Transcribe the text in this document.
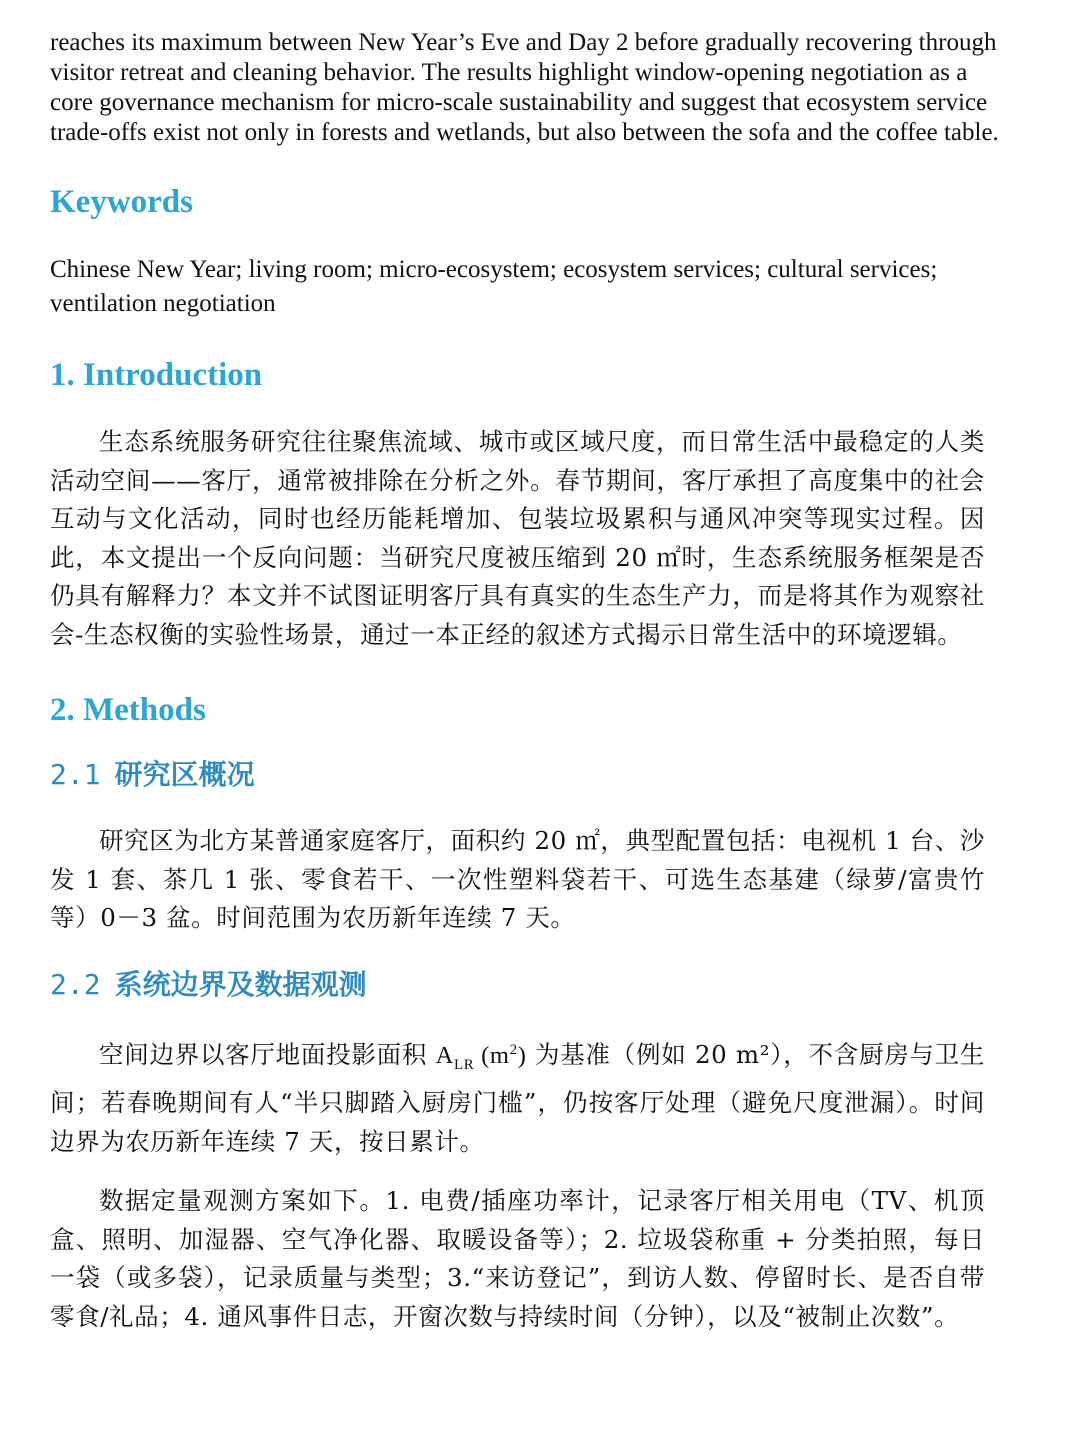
reaches its maximum between New Year’s Eve and Day 2 before gradually recovering through visitor retreat and cleaning behavior. The results highlight window-opening negotiation as a core governance mechanism for micro-scale sustainability and suggest that ecosystem service trade-offs exist not only in forests and wetlands, but also between the sofa and the coffee table.

Keywords

Chinese New Year; living room; micro-ecosystem; ecosystem services; cultural services; ventilation negotiation

1. Introduction

生态系统服务研究往往聚焦流域、城市或区域尺度，而日常生活中最稳定的人类活动空间——客厅，通常被排除在分析之外。春节期间，客厅承担了高度集中的社会互动与文化活动，同时也经历能耗增加、包装垃圾累积与通风冲突等现实过程。因此，本文提出一个反向问题：当研究尺度被压缩到 20 ㎡时，生态系统服务框架是否仍具有解释力？本文并不试图证明客厅具有真实的生态生产力，而是将其作为观察社会-生态权衡的实验性场景，通过一本正经的叙述方式揭示日常生活中的环境逻辑。

2. Methods
2.1 研究区概况

研究区为北方某普通家庭客厅，面积约 20 ㎡，典型配置包括：电视机 1 台、沙发 1 套、茶几 1 张、零食若干、一次性塑料袋若干、可选生态基建（绿萝/富贵竹等）0－3 盆。时间范围为农历新年连续 7 天。

2.2 系统边界及数据观测

空间边界以客厅地面投影面积 $A_{LR}$ $(m^2)$ 为基准（例如 20 m²），不含厨房与卫生间；若春晚期间有人“半只脚踏入厨房门槛”，仍按客厅处理（避免尺度泄漏）。时间边界为农历新年连续 7 天，按日累计。

数据定量观测方案如下。1. 电费/插座功率计，记录客厅相关用电（TV、机顶盒、照明、加湿器、空气净化器、取暖设备等）；2. 垃圾袋称重 + 分类拍照，每日一袋（或多袋），记录质量与类型；3.“来访登记”，到访人数、停留时长、是否自带零食/礼品；4. 通风事件日志，开窗次数与持续时间（分钟），以及“被制止次数”。
